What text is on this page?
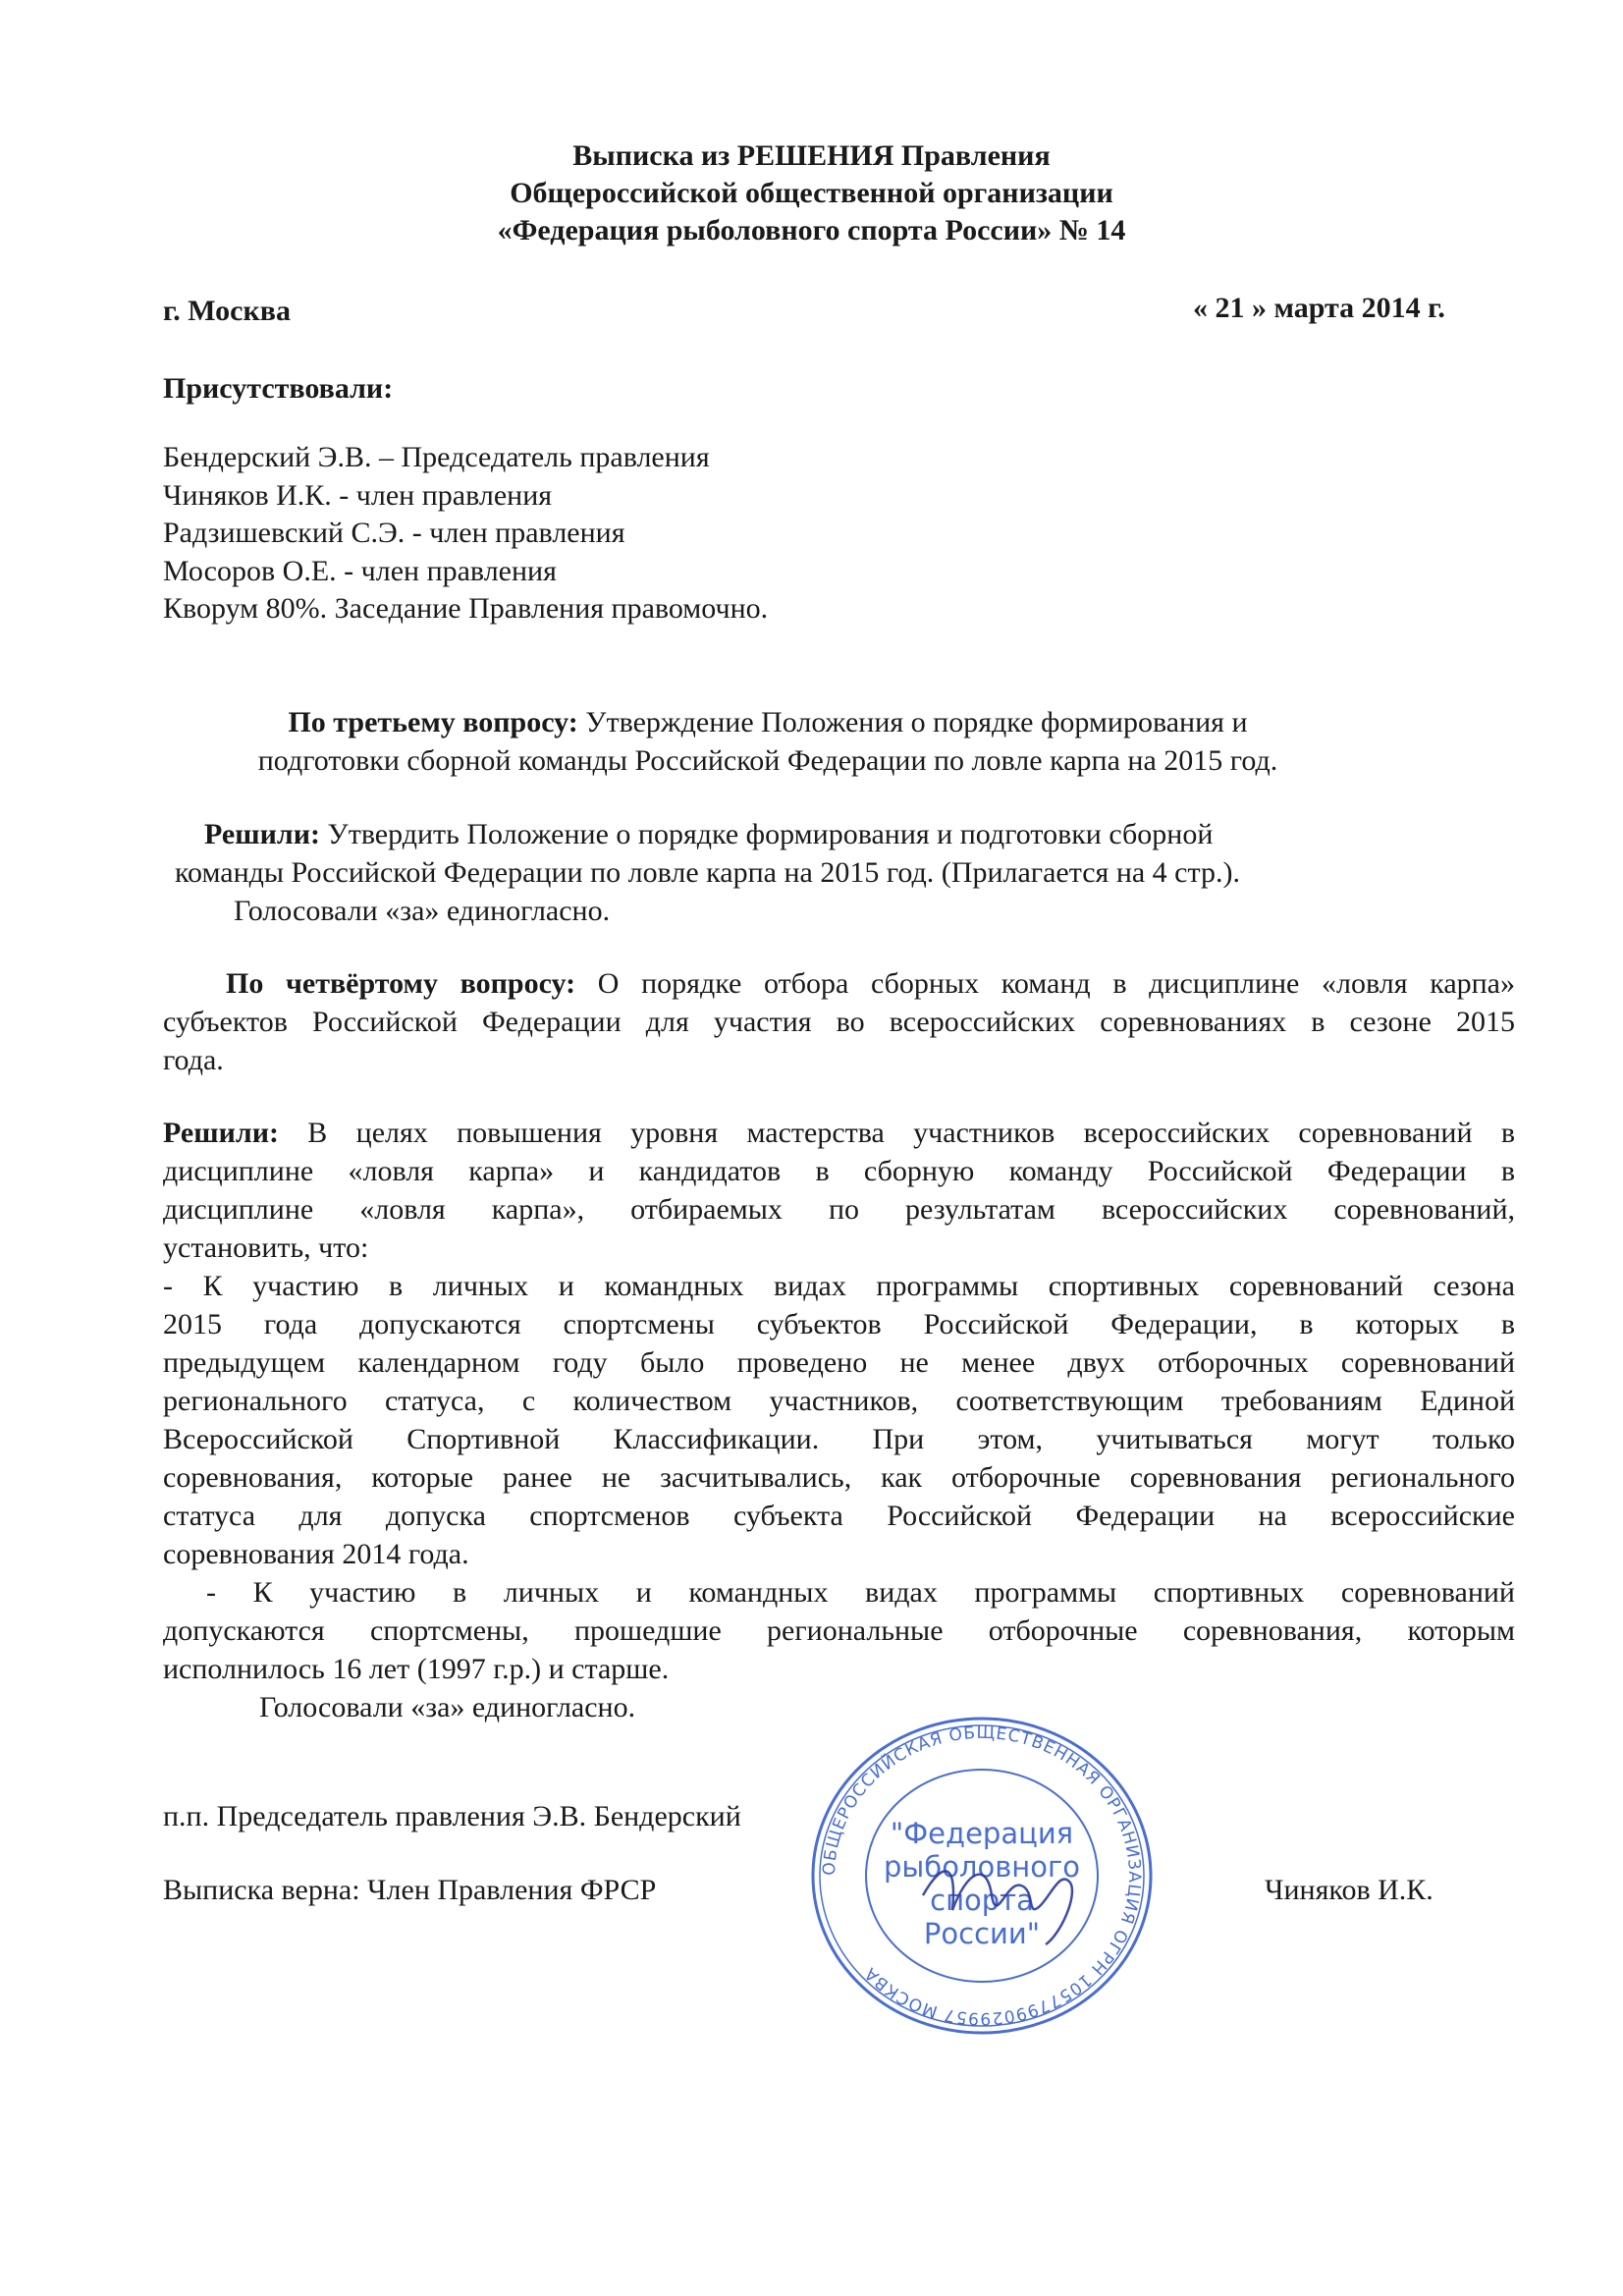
Выписка из РЕШЕНИЯ Правления
Общероссийской общественной организации
«Федерация рыболовного спорта России» № 14
г. Москва	« 21 » марта 2014 г.
Присутствовали:
Бендерский Э.В. – Председатель правления
Чиняков И.К. - член правления
Радзишевский С.Э. - член правления
Мосоров О.Е. - член правления
Кворум 80%. Заседание Правления правомочно.
По третьему вопросу: Утверждение Положения о порядке формирования и
подготовки сборной команды Российской Федерации по ловле карпа на 2015 год.
Решили: Утвердить Положение о порядке формирования и подготовки сборной
команды Российской Федерации по ловле карпа на 2015 год. (Прилагается на 4 стр.).
Голосовали «за» единогласно.
По четвёртому вопросу: О порядке отбора сборных команд в дисциплине «ловля карпа»
субъектов Российской Федерации для участия во всероссийских соревнованиях в сезоне 2015
года.
Решили: В целях повышения уровня мастерства участников всероссийских соревнований в
дисциплине «ловля карпа» и кандидатов в сборную команду Российской Федерации в
дисциплине «ловля карпа», отбираемых по результатам всероссийских соревнований,
установить, что:
- К участию в личных и командных видах программы спортивных соревнований сезона
2015 года допускаются спортсмены субъектов Российской Федерации, в которых в
предыдущем календарном году было проведено не менее двух отборочных соревнований
регионального статуса, с количеством участников, соответствующим требованиям Единой
Всероссийской Спортивной Классификации. При этом, учитываться могут только
соревнования, которые ранее не засчитывались, как отборочные соревнования регионального
статуса для допуска спортсменов субъекта Российской Федерации на всероссийские
соревнования 2014 года.
- К участию в личных и командных видах программы спортивных соревнований
допускаются спортсмены, прошедшие региональные отборочные соревнования, которым
исполнилось 16 лет (1997 г.р.) и старше.
Голосовали «за» единогласно.
п.п. Председатель правления Э.В. Бендерский
Выписка верна: Член Правления ФРСР	Чиняков И.К.
ОБЩЕРОССИЙСКАЯ ОБЩЕСТВЕННАЯ ОРГАНИЗАЦИЯ ОГРН 1057799029957 МОСКВА
"Федерация
рыболовного
спорта
России"
